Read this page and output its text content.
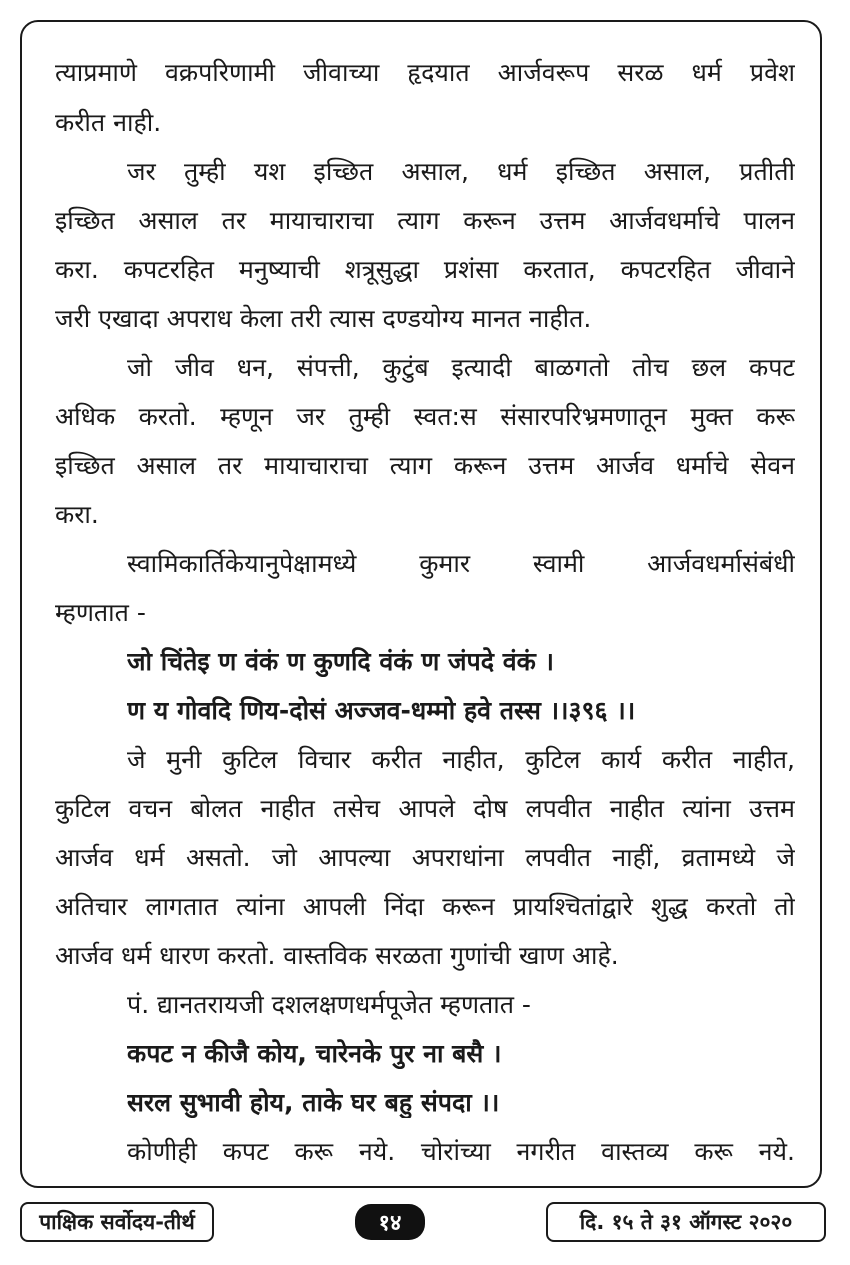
त्याप्रमाणे वक्रपरिणामी जीवाच्या हृदयात आर्जवरूप सरळ धर्म प्रवेश
करीत नाही.
जर तुम्ही यश इच्छित असाल, धर्म इच्छित असाल, प्रतीती
इच्छित असाल तर मायाचाराचा त्याग करून उत्तम आर्जवधर्माचे पालन
करा. कपटरहित मनुष्याची शत्रूसुद्धा प्रशंसा करतात, कपटरहित जीवाने
जरी एखादा अपराध केला तरी त्यास दण्डयोग्य मानत नाहीत.
जो जीव धन, संपत्ती, कुटुंब इत्यादी बाळगतो तोच छल कपट
अधिक करतो. म्हणून जर तुम्ही स्वत:स संसारपरिभ्रमणातून मुक्त करू
इच्छित असाल तर मायाचाराचा त्याग करून उत्तम आर्जव धर्माचे सेवन
करा.
स्वामिकार्तिकेयानुपेक्षामध्ये कुमार स्वामी आर्जवधर्मासंबंधी
म्हणतात -
जो चिंतेइ ण वंकं ण कुणदि वंकं ण जंपदे वंकं ।
ण य गोवदि णिय-दोसं अज्जव-धम्मो हवे तस्स ।।३९६ ।।
जे मुनी कुटिल विचार करीत नाहीत, कुटिल कार्य करीत नाहीत,
कुटिल वचन बोलत नाहीत तसेच आपले दोष लपवीत नाहीत त्यांना उत्तम
आर्जव धर्म असतो. जो आपल्या अपराधांना लपवीत नाहीं, व्रतामध्ये जे
अतिचार लागतात त्यांना आपली निंदा करून प्रायश्चितांद्वारे शुद्ध करतो तो
आर्जव धर्म धारण करतो. वास्तविक सरळता गुणांची खाण आहे.
पं. द्यानतरायजी दशलक्षणधर्मपूजेत म्हणतात -
कपट न कीजै कोय, चारेनके पुर ना बसै ।
सरल सुभावी होय, ताके घर बहु संपदा ।।
कोणीही कपट करू नये. चोरांच्या नगरीत वास्तव्य करू नये.
पाक्षिक सर्वोदय-तीर्थ	१४	दि. १५ ते ३१ ऑगस्ट २०२०
